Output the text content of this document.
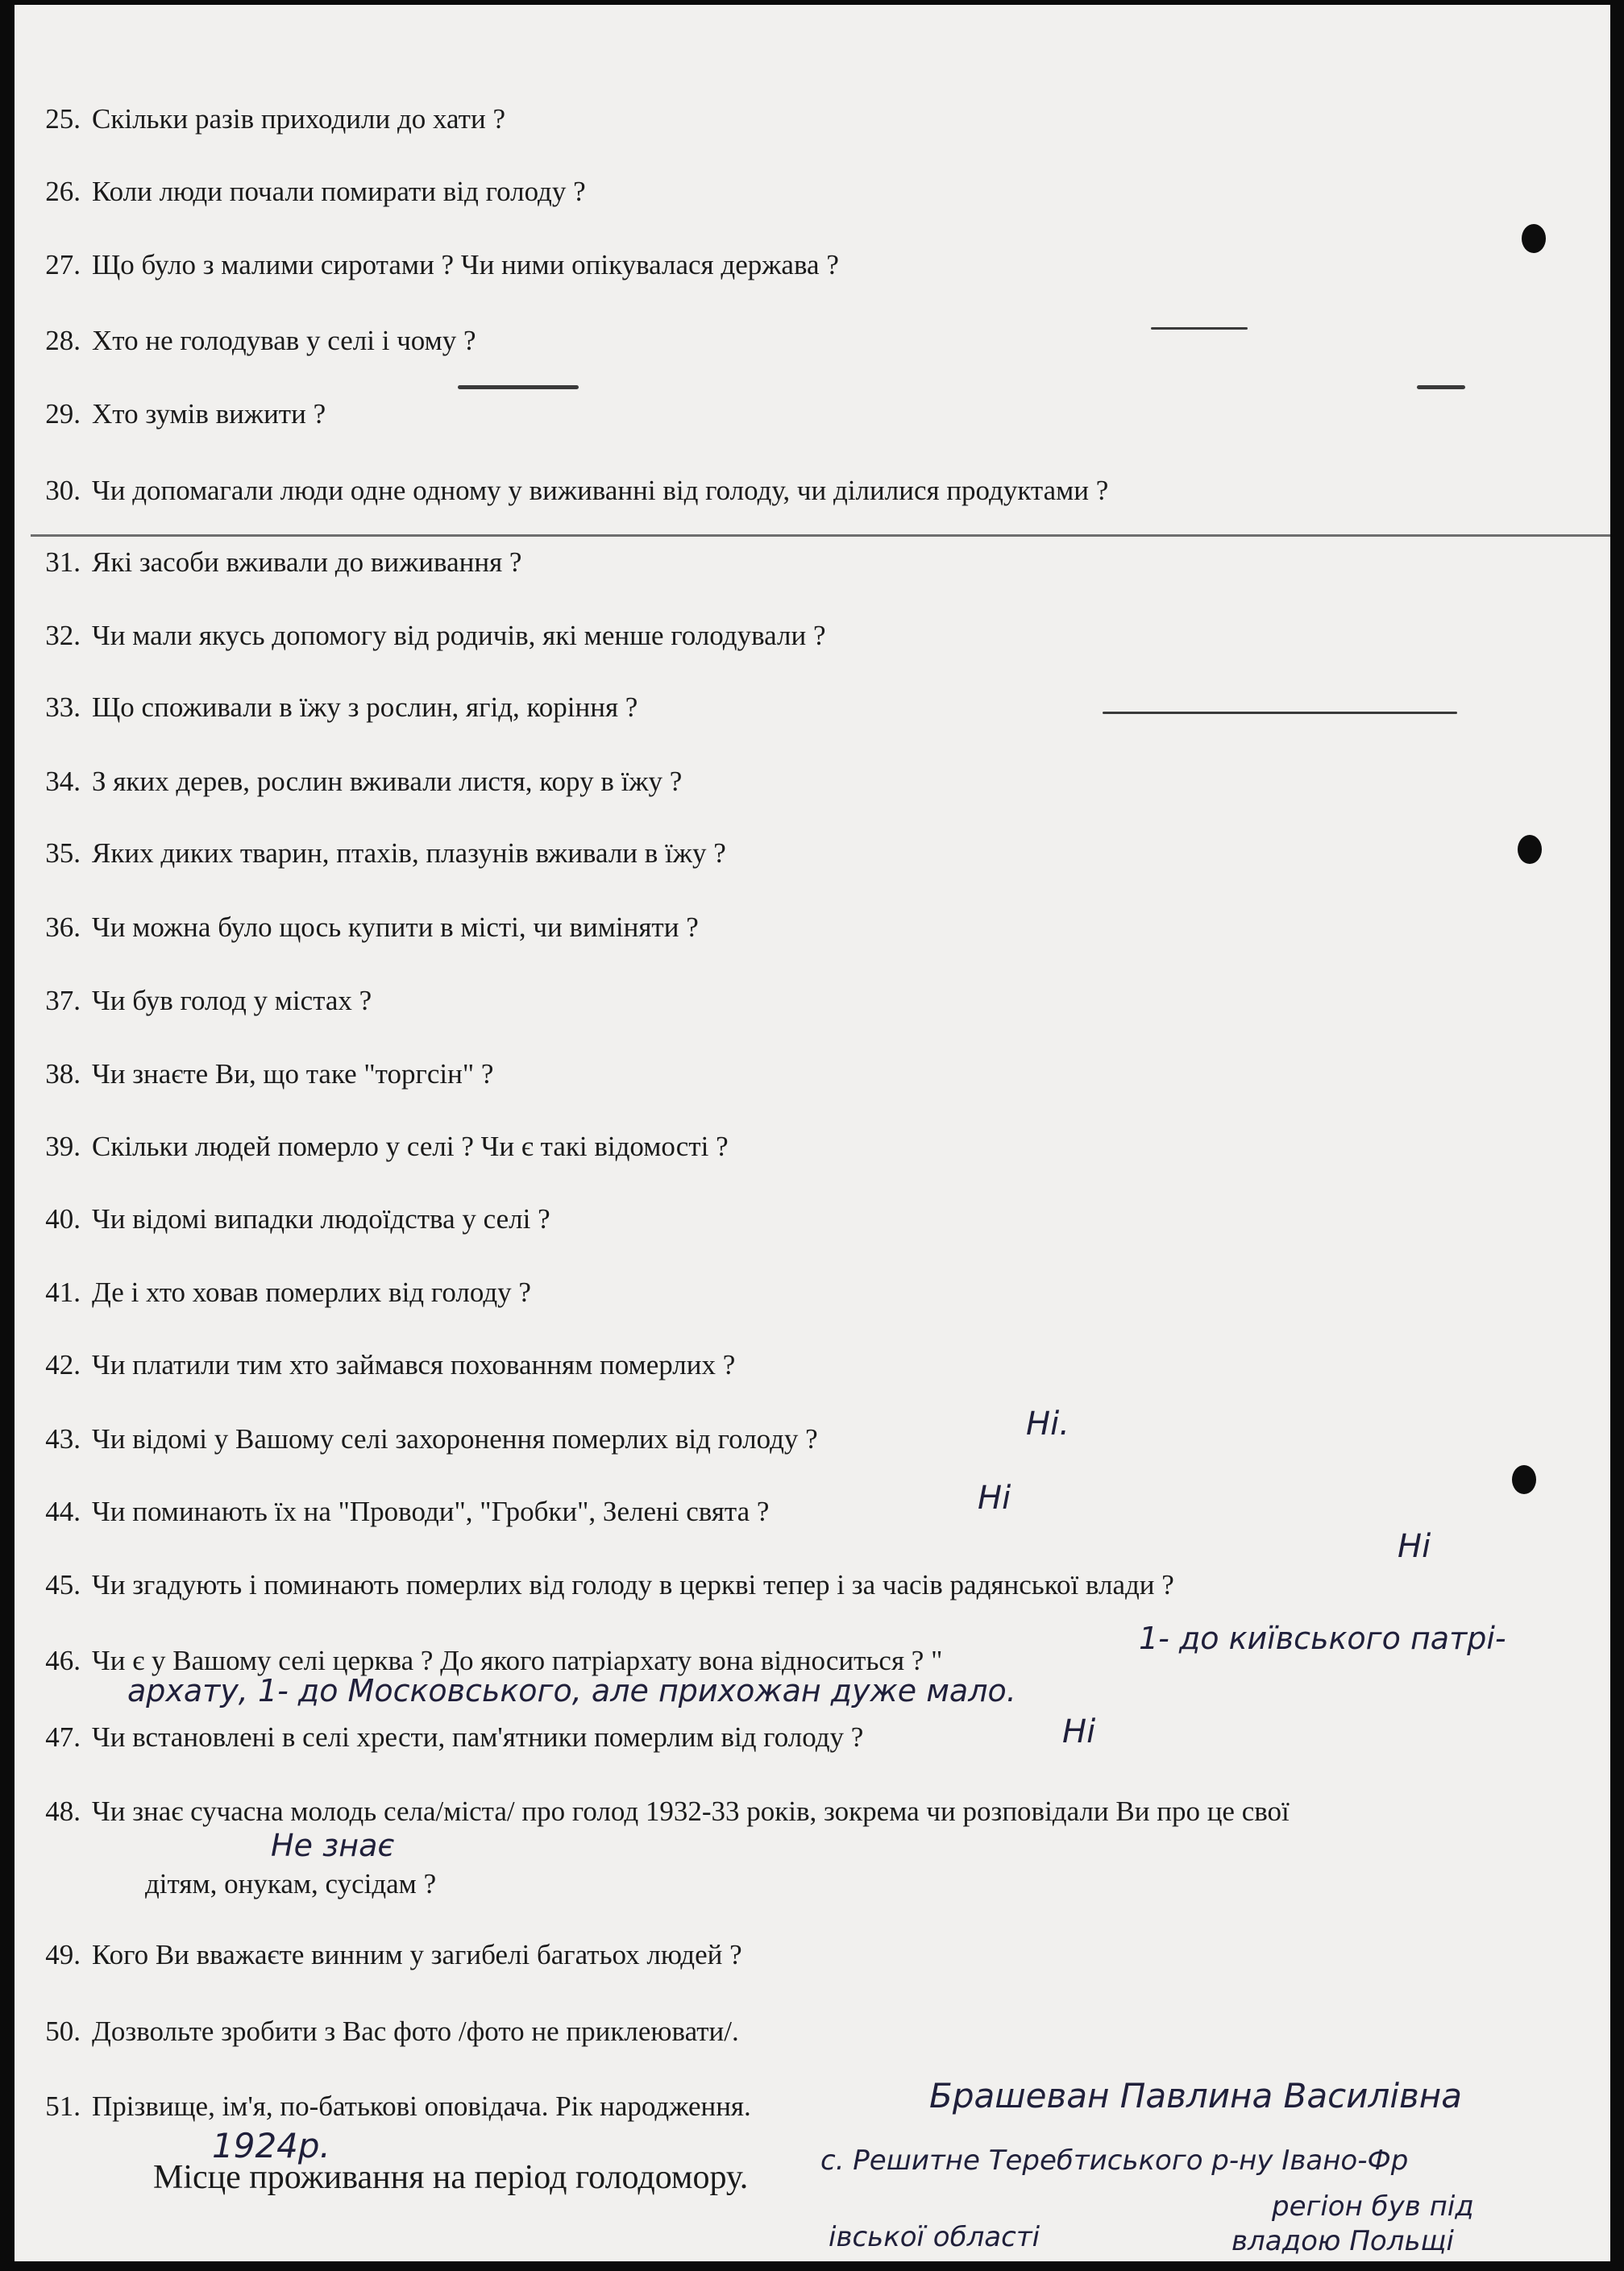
25. Скільки разів приходили до хати ?

26. Коли люди почали помирати від голоду ?

27. Що було з малими сиротами ? Чи ними опікувалася держава ?

28. Хто не голодував у селі і чому ?

29. Хто зумів вижити ?

30. Чи допомагали люди одне одному у виживанні від голоду, чи ділилися продуктами ?

31. Які засоби вживали до виживання ?

32. Чи мали якусь допомогу від родичів, які менше голодували ?

33. Що споживали в їжу з рослин, ягід, коріння ?

34. З яких дерев, рослин вживали листя, кору в їжу ?

35. Яких диких тварин, птахів, плазунів вживали в їжу ?

36. Чи можна було щось купити в місті, чи виміняти ?

37. Чи був голод у містах ?

38. Чи знаєте Ви, що таке "торгсін" ?

39. Скільки людей померло у селі ? Чи є такі відомості ?

40. Чи відомі випадки людоїдства у селі ?

41. Де і хто ховав померлих від голоду ?

42. Чи платили тим хто займався похованням померлих ?

43. Чи відомі у Вашому селі захоронення померлих від голоду ?

44. Чи поминають їх на "Проводи", "Гробки", Зелені свята ?

45. Чи згадують і поминають померлих від голоду в церкві тепер і за часів радянської влади ?

46. Чи є у Вашому селі церква ? До якого патріархату вона відноситься ? "

47. Чи встановлені в селі хрести, пам'ятники померлим від голоду ?

48. Чи знає сучасна молодь села/міста/ про голод 1932-33 років, зокрема чи розповідали Ви про це свої

дітям, онукам, сусідам ?

49. Кого Ви вважаєте винним у загибелі багатьох людей ?

50. Дозвольте зробити з Вас фото /фото не приклеювати/.

51. Прізвище, ім'я, по-батькові оповідача. Рік народження.

Місце проживання на період голодомору.

Ні.

Ні

Ні

1- до київського патрі-

архату, 1- до Московського, але прихожан дуже мало.

Ні

Не знає

Брашеван Павлина Василівна

1924р.	с. Решитне Теребтиського р-ну Івано-Фр

регіон був під

івської області	владою Польщі
